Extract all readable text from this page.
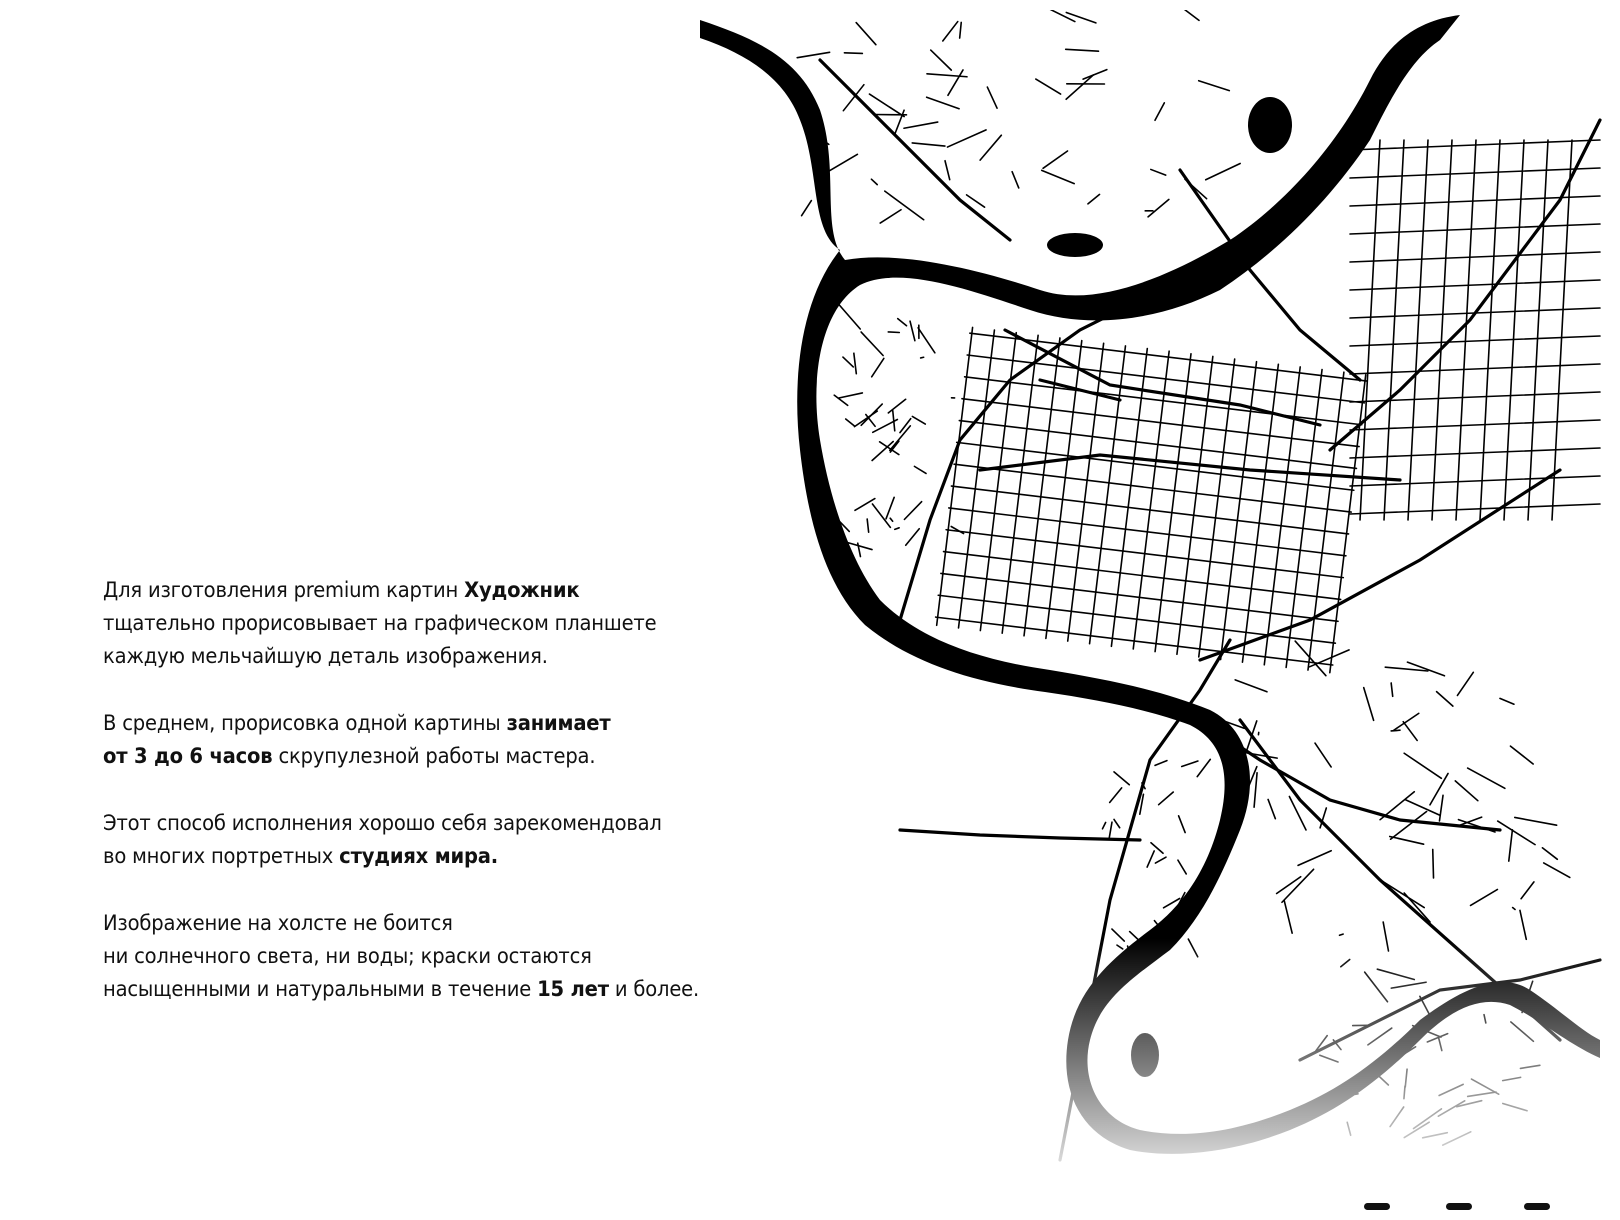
Для изготовления premium картин Художник
тщательно прорисовывает на графическом планшете
каждую мельчайшую деталь изображения.

В среднем, прорисовка одной картины занимает
от 3 до 6 часов скрупулезной работы мастера.

Этот способ исполнения хорошо себя зарекомендовал
во многих портретных студиях мира.

Изображение на холсте не боится
ни солнечного света, ни воды; краски остаются
насыщенными и натуральными в течение 15 лет и более.
